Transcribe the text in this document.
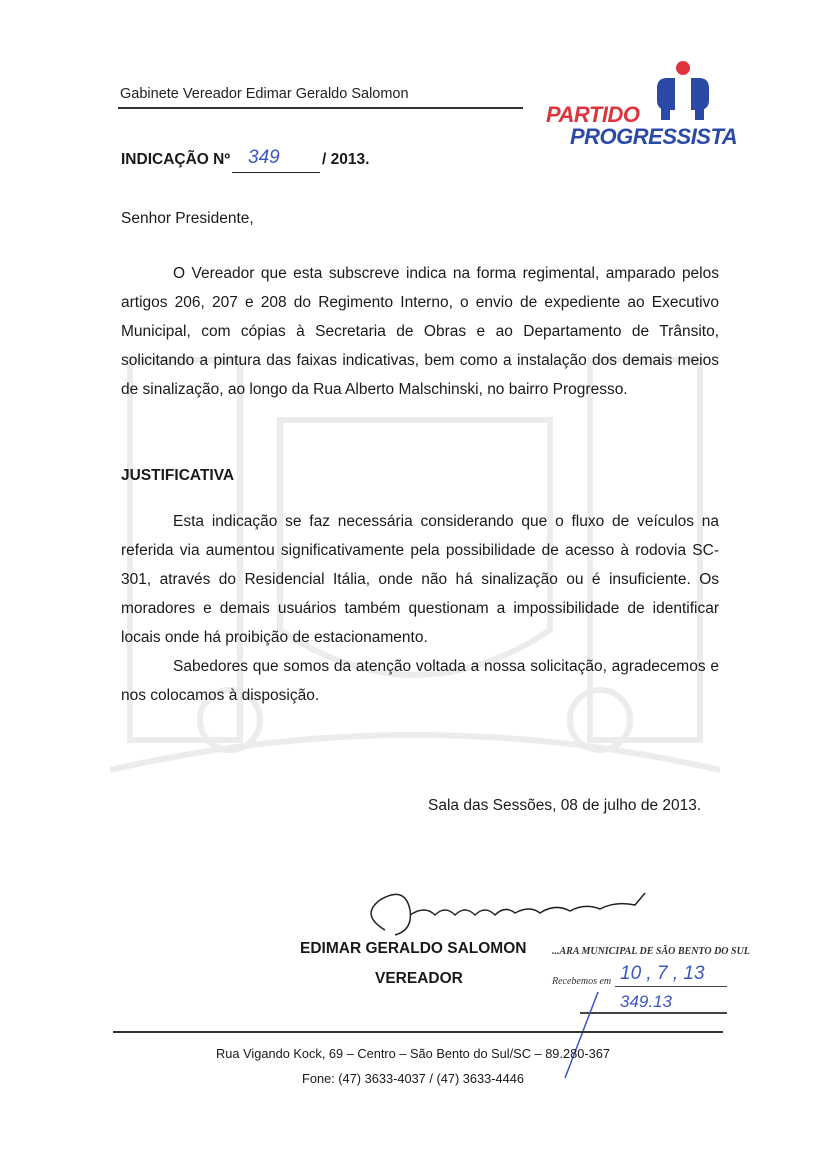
Gabinete Vereador Edimar Geraldo Salomon
PARTIDO
PROGRESSISTA
INDICAÇÃO Nº 349	/ 2013.
Senhor Presidente,

O Vereador que esta subscreve indica na forma regimental, amparado pelos artigos 206, 207 e 208 do Regimento Interno, o envio de expediente ao Executivo Municipal, com cópias à Secretaria de Obras e ao Departamento de Trânsito, solicitando a pintura das faixas indicativas, bem como a instalação dos demais meios de sinalização, ao longo da Rua Alberto Malschinski, no bairro Progresso.

JUSTIFICATIVA

Esta indicação se faz necessária considerando que o fluxo de veículos na referida via aumentou significativamente pela possibilidade de acesso à rodovia SC-301, através do Residencial Itália, onde não há sinalização ou é insuficiente. Os moradores e demais usuários também questionam a impossibilidade de identificar locais onde há proibição de estacionamento.

Sabedores que somos da atenção voltada a nossa solicitação, agradecemos e nos colocamos à disposição.

Sala das Sessões, 08 de julho de 2013.
EDIMAR GERALDO SALOMON
VEREADOR
...ARA MUNICIPAL DE SÃO BENTO DO SUL
Recebemos em 10 , 7 , 13
349.13
Rua Vigando Kock, 69 – Centro – São Bento do Sul/SC – 89.280-367
Fone: (47) 3633-4037 / (47) 3633-4446
